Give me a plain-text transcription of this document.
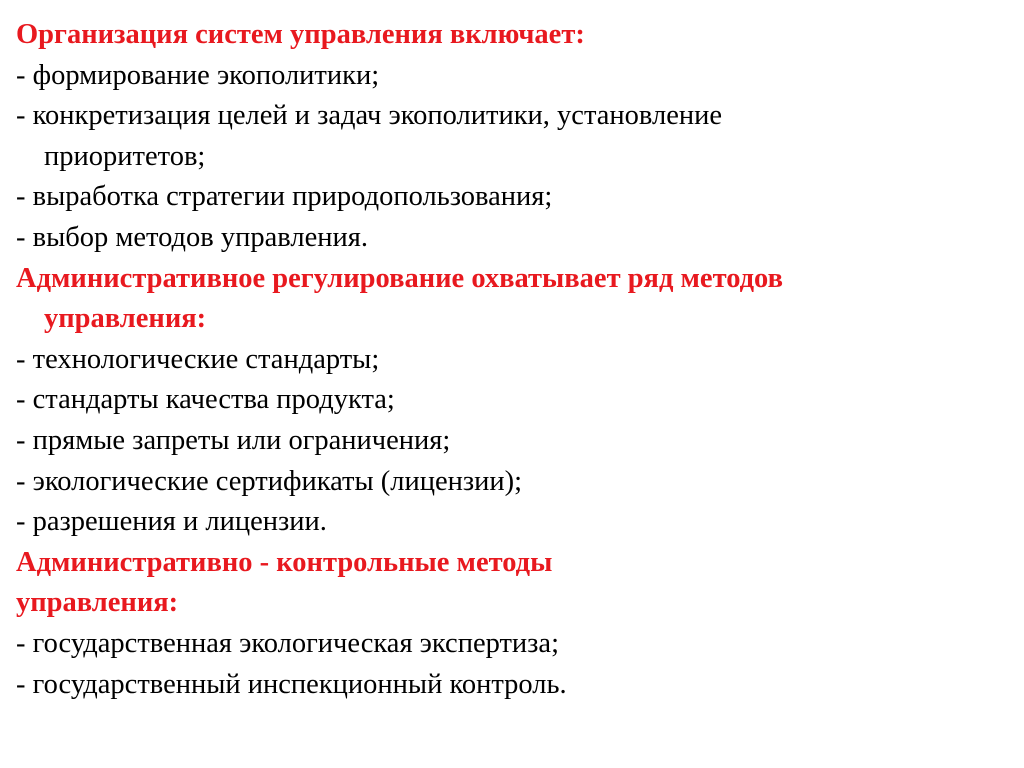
Организация систем управления включает:
- формирование экополитики;
- конкретизация целей и задач экополитики, установление
приоритетов;
- выработка стратегии природопользования;
- выбор методов управления.
Административное регулирование охватывает ряд методов
управления:
- технологические стандарты;
- стандарты качества продукта;
- прямые запреты или ограничения;
- экологические сертификаты (лицензии);
- разрешения и лицензии.
Административно - контрольные методы
управления:
- государственная экологическая экспертиза;
- государственный инспекционный контроль.
